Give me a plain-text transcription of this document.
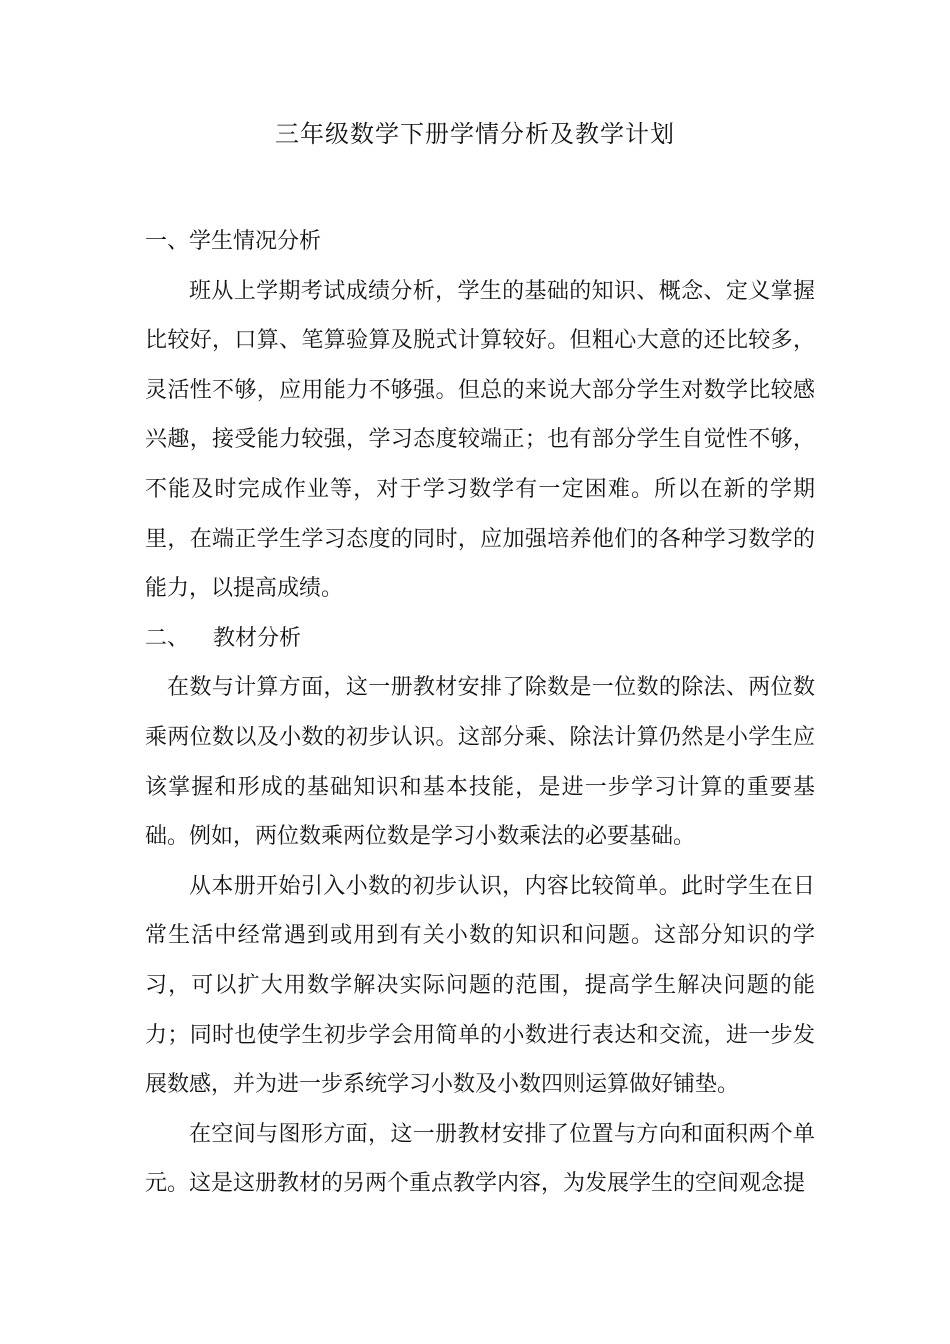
三年级数学下册学情分析及教学计划

一、学生情况分析

班从上学期考试成绩分析，学生的基础的知识、概念、定义掌握比较好，口算、笔算验算及脱式计算较好。但粗心大意的还比较多，灵活性不够，应用能力不够强。但总的来说大部分学生对数学比较感兴趣，接受能力较强，学习态度较端正；也有部分学生自觉性不够，不能及时完成作业等，对于学习数学有一定困难。所以在新的学期里，在端正学生学习态度的同时，应加强培养他们的各种学习数学的能力，以提高成绩。

二、 教材分析

在数与计算方面，这一册教材安排了除数是一位数的除法、两位数乘两位数以及小数的初步认识。这部分乘、除法计算仍然是小学生应该掌握和形成的基础知识和基本技能，是进一步学习计算的重要基础。例如，两位数乘两位数是学习小数乘法的必要基础。

从本册开始引入小数的初步认识，内容比较简单。此时学生在日常生活中经常遇到或用到有关小数的知识和问题。这部分知识的学习，可以扩大用数学解决实际问题的范围，提高学生解决问题的能力；同时也使学生初步学会用简单的小数进行表达和交流，进一步发展数感，并为进一步系统学习小数及小数四则运算做好铺垫。

在空间与图形方面，这一册教材安排了位置与方向和面积两个单元。这是这册教材的另两个重点教学内容，为发展学生的空间观念提
